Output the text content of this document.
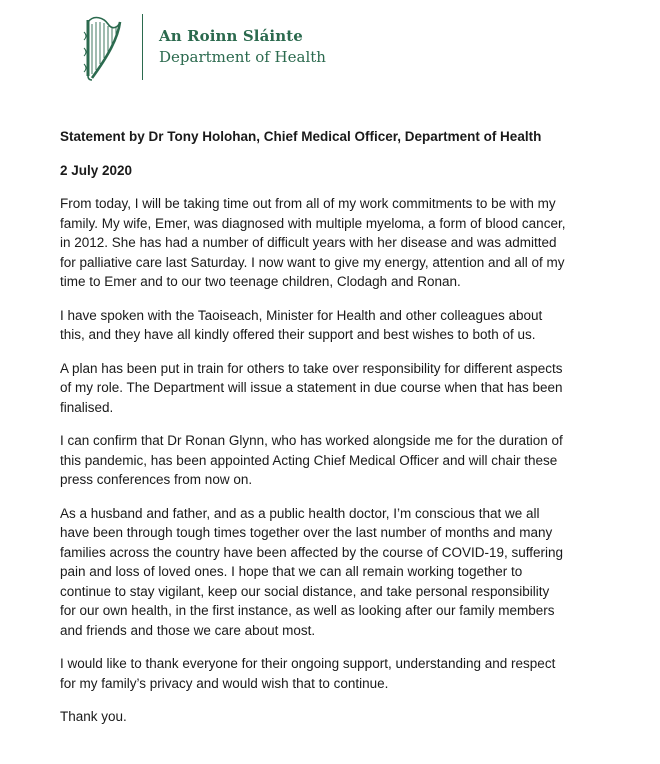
An Roinn Sláinte
Department of Health
Statement by Dr Tony Holohan, Chief Medical Officer, Department of Health
2 July 2020
From today, I will be taking time out from all of my work commitments to be with my
family. My wife, Emer, was diagnosed with multiple myeloma, a form of blood cancer,
in 2012. She has had a number of difficult years with her disease and was admitted
for palliative care last Saturday. I now want to give my energy, attention and all of my
time to Emer and to our two teenage children, Clodagh and Ronan.
I have spoken with the Taoiseach, Minister for Health and other colleagues about
this, and they have all kindly offered their support and best wishes to both of us.
A plan has been put in train for others to take over responsibility for different aspects
of my role. The Department will issue a statement in due course when that has been
finalised.
I can confirm that Dr Ronan Glynn, who has worked alongside me for the duration of
this pandemic, has been appointed Acting Chief Medical Officer and will chair these
press conferences from now on.
As a husband and father, and as a public health doctor, I’m conscious that we all
have been through tough times together over the last number of months and many
families across the country have been affected by the course of COVID-19, suffering
pain and loss of loved ones. I hope that we can all remain working together to
continue to stay vigilant, keep our social distance, and take personal responsibility
for our own health, in the first instance, as well as looking after our family members
and friends and those we care about most.
I would like to thank everyone for their ongoing support, understanding and respect
for my family’s privacy and would wish that to continue.
Thank you.
